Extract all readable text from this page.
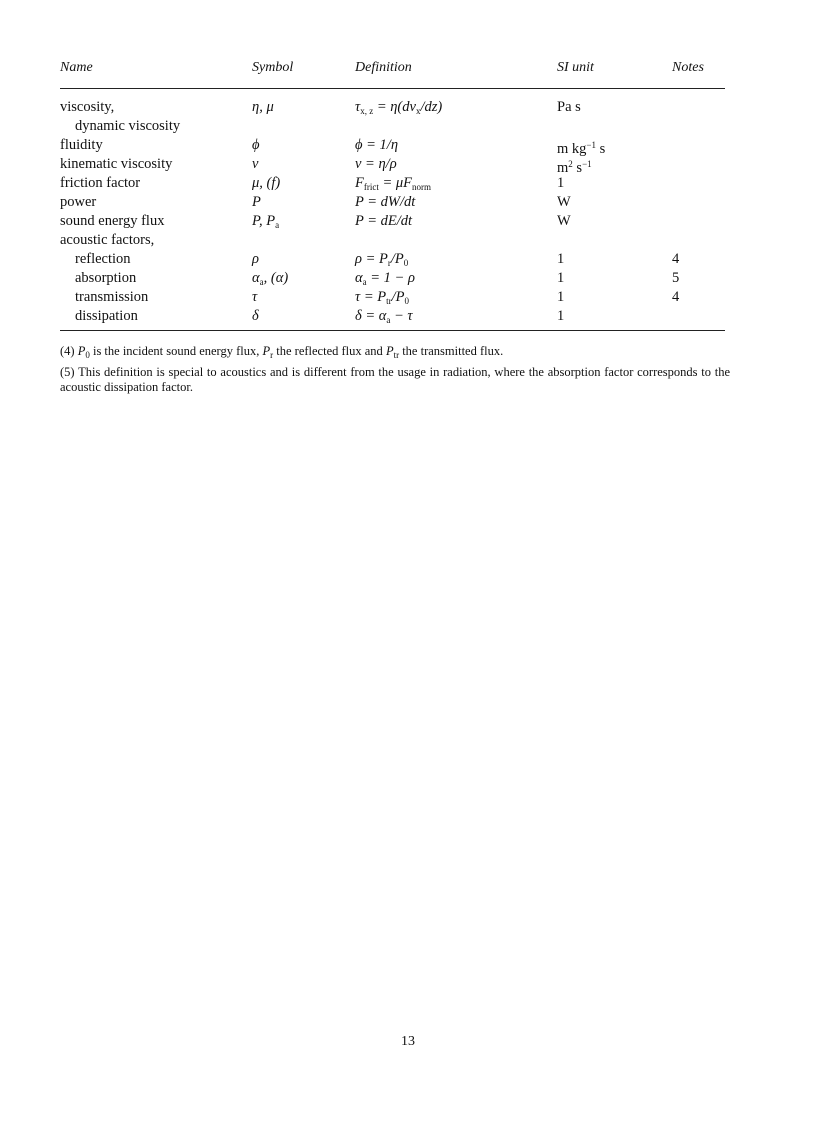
Name	Symbol	Definition	SI unit	Notes
viscosity,	η, μ	$\tau_{x, z} = \eta(dv_x/dz)$	Pa s
dynamic viscosity
fluidity	ϕ	ϕ = 1/η	m $kg^{-1}$ s
kinematic viscosity	ν	ν = η/ρ	$m^2$ $s^{-1}$
friction factor	μ, (f)	$F_{frict} = \mu F_{norm}$	1
power	P	P = dW/dt	W
sound energy flux	P, $P_a$	P = dE/dt	W
acoustic factors,
reflection	ρ	$\rho = P_r/P_0$	1	4
absorption	$\alpha_a$, (α)	$\alpha_a = 1 - \rho$	1	5
transmission	τ	$\tau = P_{tr}/P_0$	1	4
dissipation	δ	$\delta = \alpha_a - \tau$	1

(4) $P_0$ is the incident sound energy flux, $P_r$ the reflected flux and $P_{tr}$ the transmitted flux.

(5) This definition is special to acoustics and is different from the usage in radiation, where the absorption factor corresponds to the acoustic dissipation factor.

13
